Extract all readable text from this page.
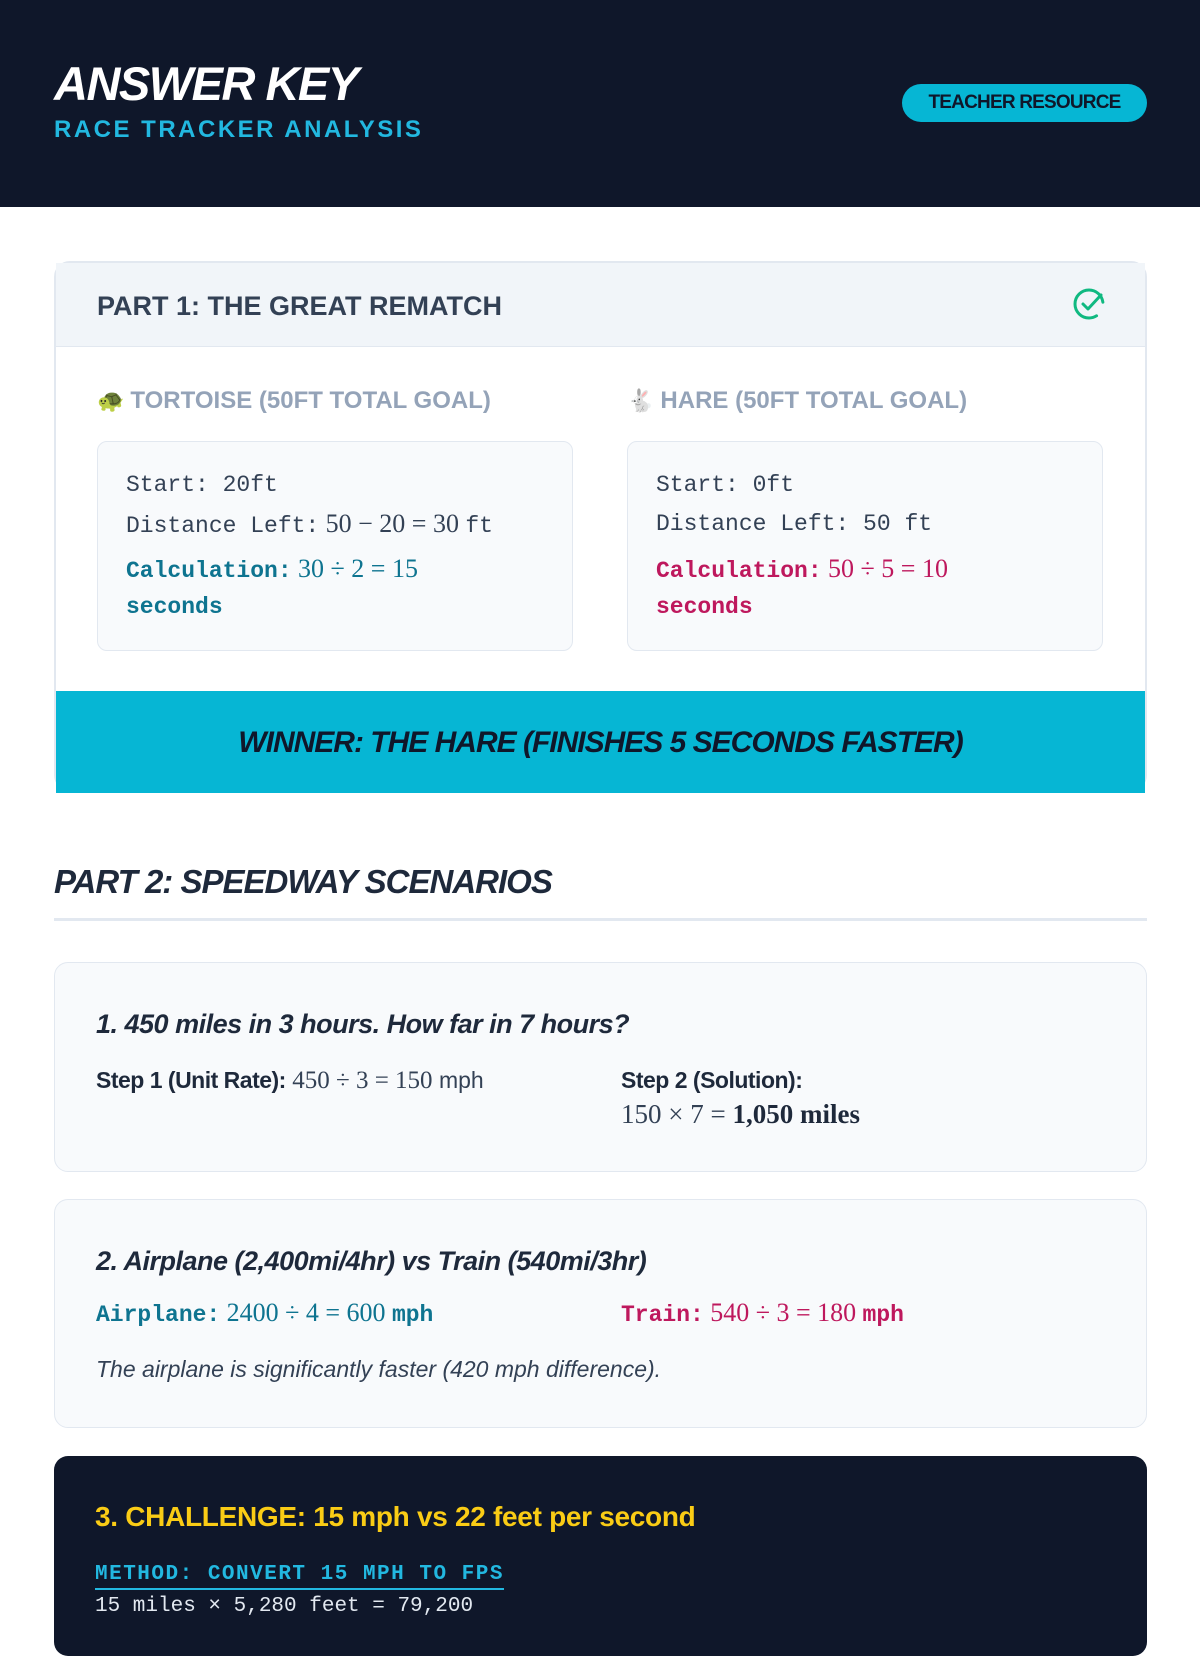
ANSWER KEY
RACE TRACKER ANALYSIS
TEACHER RESOURCE
PART 1: THE GREAT REMATCH
🐢 TORTOISE (50FT TOTAL GOAL)
Start: 20ft
Distance Left: 50 − 20 = 30 ft
Calculation: 30 ÷ 2 = 15
seconds
🐇 HARE (50FT TOTAL GOAL)
Start: 0ft
Distance Left: 50 ft
Calculation: 50 ÷ 5 = 10
seconds
WINNER: THE HARE (FINISHES 5 SECONDS FASTER)
PART 2: SPEEDWAY SCENARIOS
1. 450 miles in 3 hours. How far in 7 hours?
Step 1 (Unit Rate): 450 ÷ 3 = 150 mph	Step 2 (Solution):
150 × 7 = 1,050 miles
2. Airplane (2,400mi/4hr) vs Train (540mi/3hr)
Airplane: 2400 ÷ 4 = 600 mph	Train: 540 ÷ 3 = 180 mph
The airplane is significantly faster (420 mph difference).
3. CHALLENGE: 15 mph vs 22 feet per second
METHOD: CONVERT 15 MPH TO FPS
15 miles × 5,280 feet = 79,200
